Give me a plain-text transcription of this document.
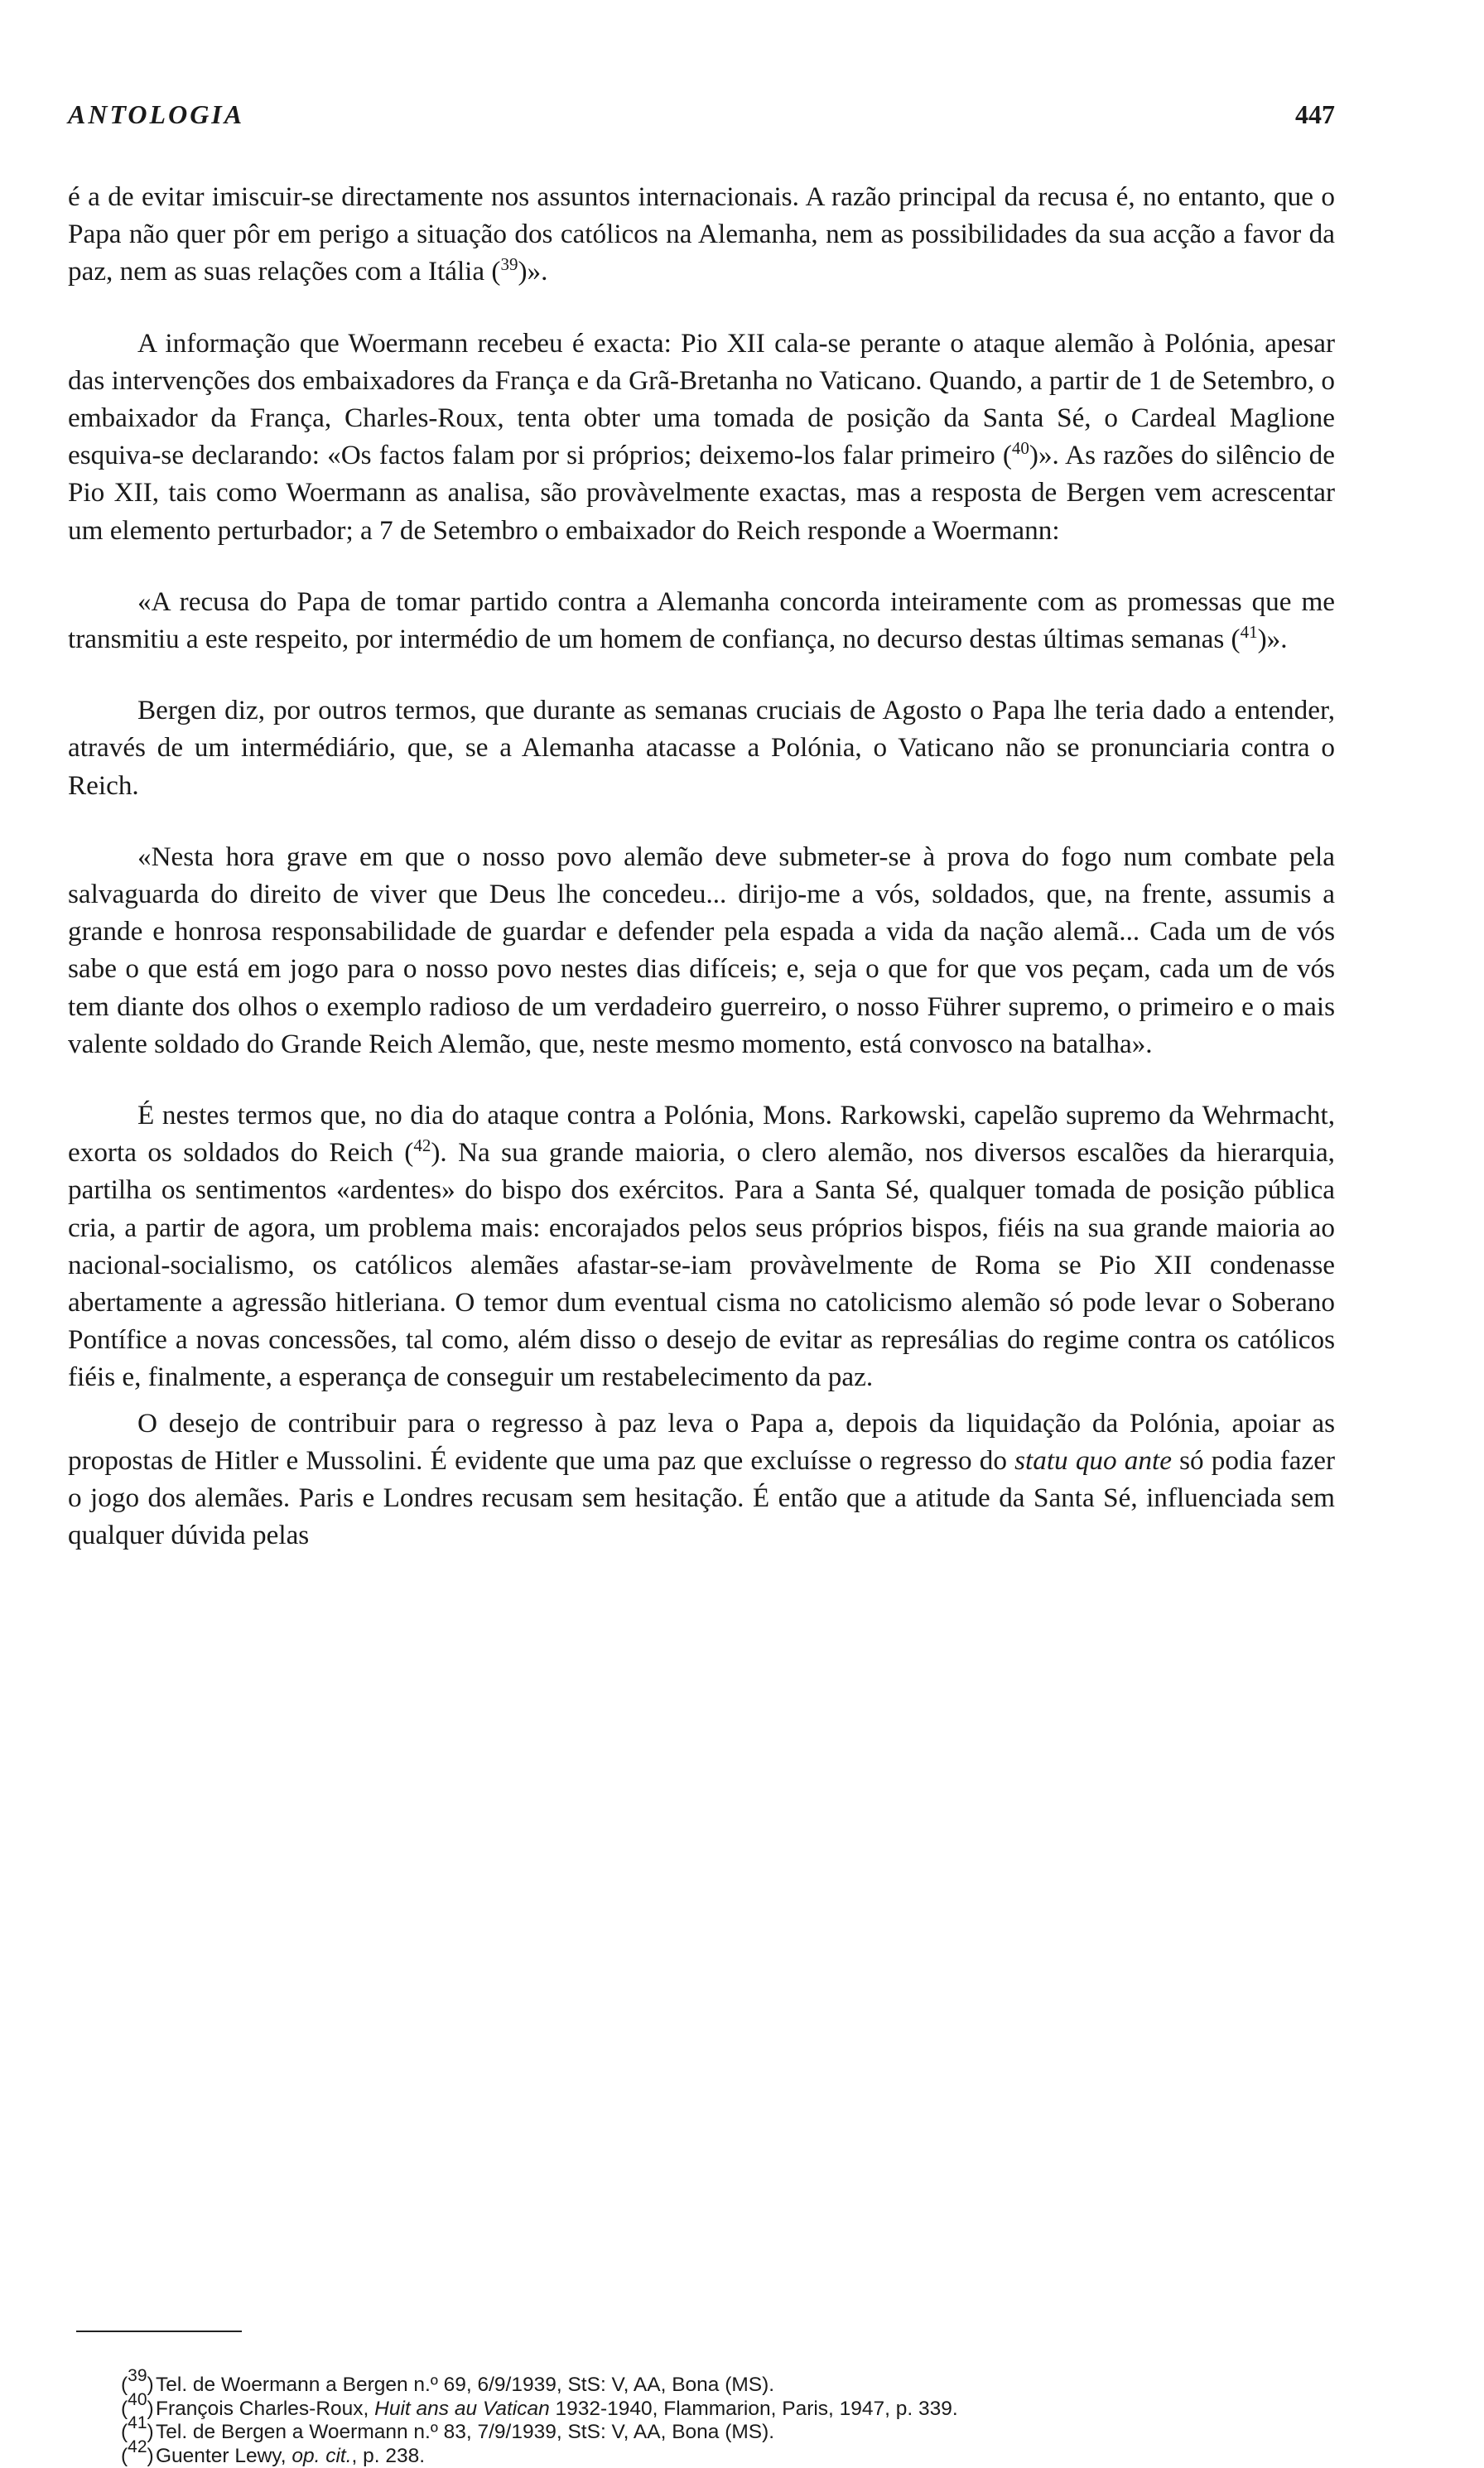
ANTOLOGIA	447

é a de evitar imiscuir-se directamente nos assuntos internacionais. A razão principal da recusa é, no entanto, que o Papa não quer pôr em perigo a situação dos católicos na Alemanha, nem as possibilidades da sua acção a favor da paz, nem as suas relações com a Itália ($^{39}$)».

A informação que Woermann recebeu é exacta: Pio XII cala-se perante o ataque alemão à Polónia, apesar das intervenções dos embaixadores da França e da Grã-Bretanha no Vaticano. Quando, a partir de 1 de Setembro, o embaixador da França, Charles-Roux, tenta obter uma tomada de posição da Santa Sé, o Cardeal Maglione esquiva-se declarando: «Os factos falam por si próprios; deixemo-los falar primeiro ($^{40}$)». As razões do silêncio de Pio XII, tais como Woermann as analisa, são provàvelmente exactas, mas a resposta de Bergen vem acrescentar um elemento perturbador; a 7 de Setembro o embaixador do Reich responde a Woermann:

«A recusa do Papa de tomar partido contra a Alemanha concorda inteiramente com as promessas que me transmitiu a este respeito, por intermédio de um homem de confiança, no decurso destas últimas semanas ($^{41}$)».

Bergen diz, por outros termos, que durante as semanas cruciais de Agosto o Papa lhe teria dado a entender, através de um intermédiário, que, se a Alemanha atacasse a Polónia, o Vaticano não se pronunciaria contra o Reich.

«Nesta hora grave em que o nosso povo alemão deve submeter-se à prova do fogo num combate pela salvaguarda do direito de viver que Deus lhe concedeu... dirijo-me a vós, soldados, que, na frente, assumis a grande e honrosa responsabilidade de guardar e defender pela espada a vida da nação alemã... Cada um de vós sabe o que está em jogo para o nosso povo nestes dias difíceis; e, seja o que for que vos peçam, cada um de vós tem diante dos olhos o exemplo radioso de um verdadeiro guerreiro, o nosso Führer supremo, o primeiro e o mais valente soldado do Grande Reich Alemão, que, neste mesmo momento, está convosco na batalha».

É nestes termos que, no dia do ataque contra a Polónia, Mons. Rarkowski, capelão supremo da Wehrmacht, exorta os soldados do Reich ($^{42}$). Na sua grande maioria, o clero alemão, nos diversos escalões da hierarquia, partilha os sentimentos «ardentes» do bispo dos exércitos. Para a Santa Sé, qualquer tomada de posição pública cria, a partir de agora, um problema mais: encorajados pelos seus próprios bispos, fiéis na sua grande maioria ao nacional-socialismo, os católicos alemães afastar-se-iam provàvelmente de Roma se Pio XII condenasse abertamente a agressão hitleriana. O temor dum eventual cisma no catolicismo alemão só pode levar o Soberano Pontífice a novas concessões, tal como, além disso o desejo de evitar as represálias do regime contra os católicos fiéis e, finalmente, a esperança de conseguir um restabelecimento da paz.

O desejo de contribuir para o regresso à paz leva o Papa a, depois da liquidação da Polónia, apoiar as propostas de Hitler e Mussolini. É evidente que uma paz que excluísse o regresso do statu quo ante só podia fazer o jogo dos alemães. Paris e Londres recusam sem hesitação. É então que a atitude da Santa Sé, influenciada sem qualquer dúvida pelas

($^{39}$) Tel. de Woermann a Bergen n.º 69, 6/9/1939, StS: V, AA, Bona (MS).
($^{40}$) François Charles-Roux, Huit ans au Vatican 1932-1940, Flammarion, Paris, 1947, p. 339.
($^{41}$) Tel. de Bergen a Woermann n.º 83, 7/9/1939, StS: V, AA, Bona (MS).
($^{42}$) Guenter Lewy, op. cit., p. 238.
